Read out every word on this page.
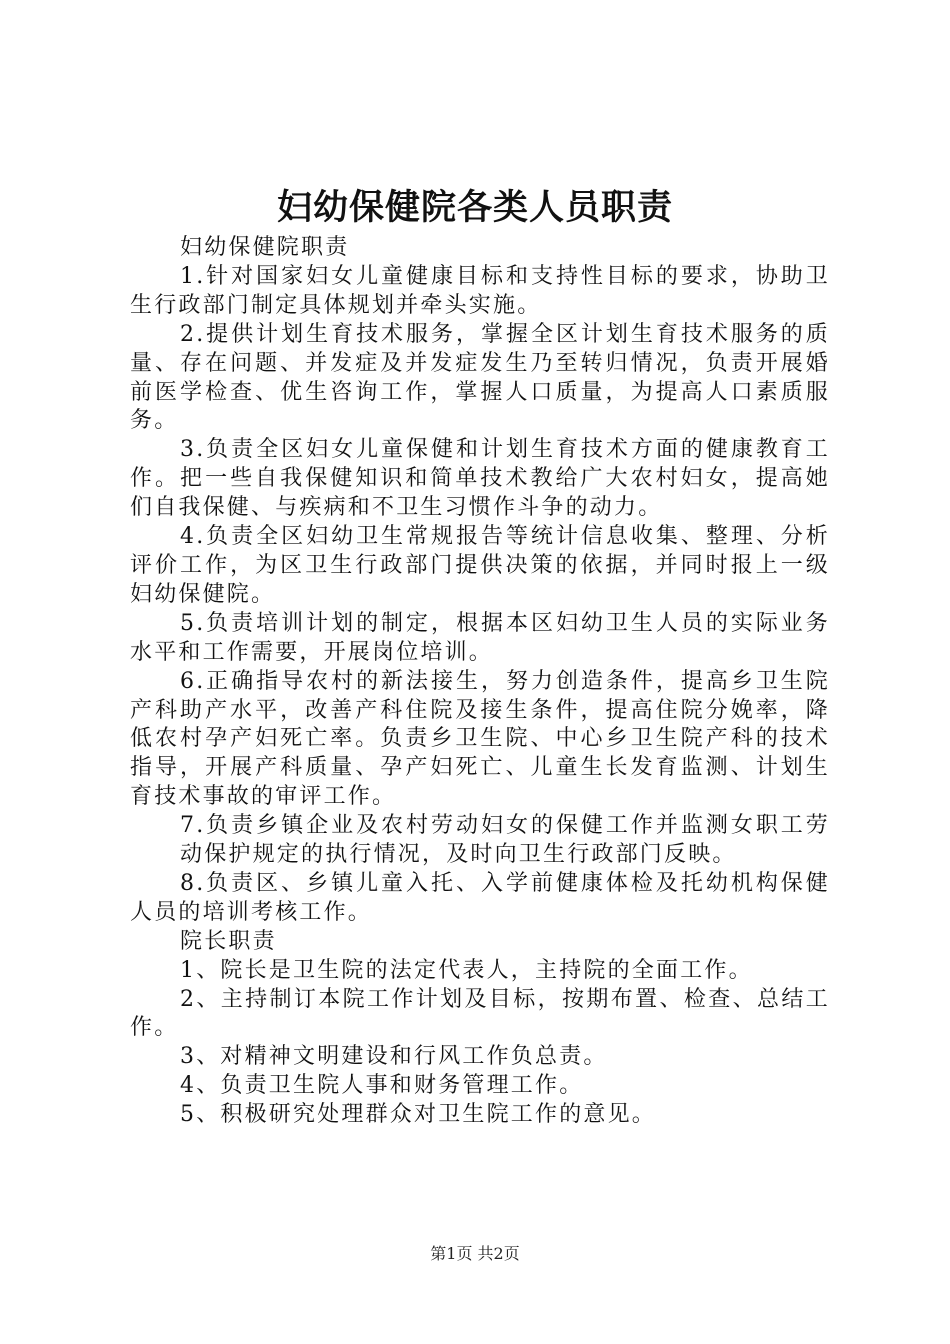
妇幼保健院各类人员职责

妇幼保健院职责

1.针对国家妇女儿童健康目标和支持性目标的要求，协助卫生行政部门制定具体规划并牵头实施。

2.提供计划生育技术服务，掌握全区计划生育技术服务的质量、存在问题、并发症及并发症发生乃至转归情况，负责开展婚前医学检查、优生咨询工作，掌握人口质量，为提高人口素质服务。

3.负责全区妇女儿童保健和计划生育技术方面的健康教育工作。把一些自我保健知识和简单技术教给广大农村妇女，提高她们自我保健、与疾病和不卫生习惯作斗争的动力。

4.负责全区妇幼卫生常规报告等统计信息收集、整理、分析评价工作，为区卫生行政部门提供决策的依据，并同时报上一级妇幼保健院。

5.负责培训计划的制定，根据本区妇幼卫生人员的实际业务水平和工作需要，开展岗位培训。

6.正确指导农村的新法接生，努力创造条件，提高乡卫生院产科助产水平，改善产科住院及接生条件，提高住院分娩率，降低农村孕产妇死亡率。负责乡卫生院、中心乡卫生院产科的技术指导，开展产科质量、孕产妇死亡、儿童生长发育监测、计划生育技术事故的审评工作。

7.负责乡镇企业及农村劳动妇女的保健工作并监测女职工劳动保护规定的执行情况，及时向卫生行政部门反映。

8.负责区、乡镇儿童入托、入学前健康体检及托幼机构保健人员的培训考核工作。

院长职责

1、院长是卫生院的法定代表人，主持院的全面工作。

2、主持制订本院工作计划及目标，按期布置、检查、总结工作。

3、对精神文明建设和行风工作负总责。

4、负责卫生院人事和财务管理工作。

5、积极研究处理群众对卫生院工作的意见。

第1页 共2页
